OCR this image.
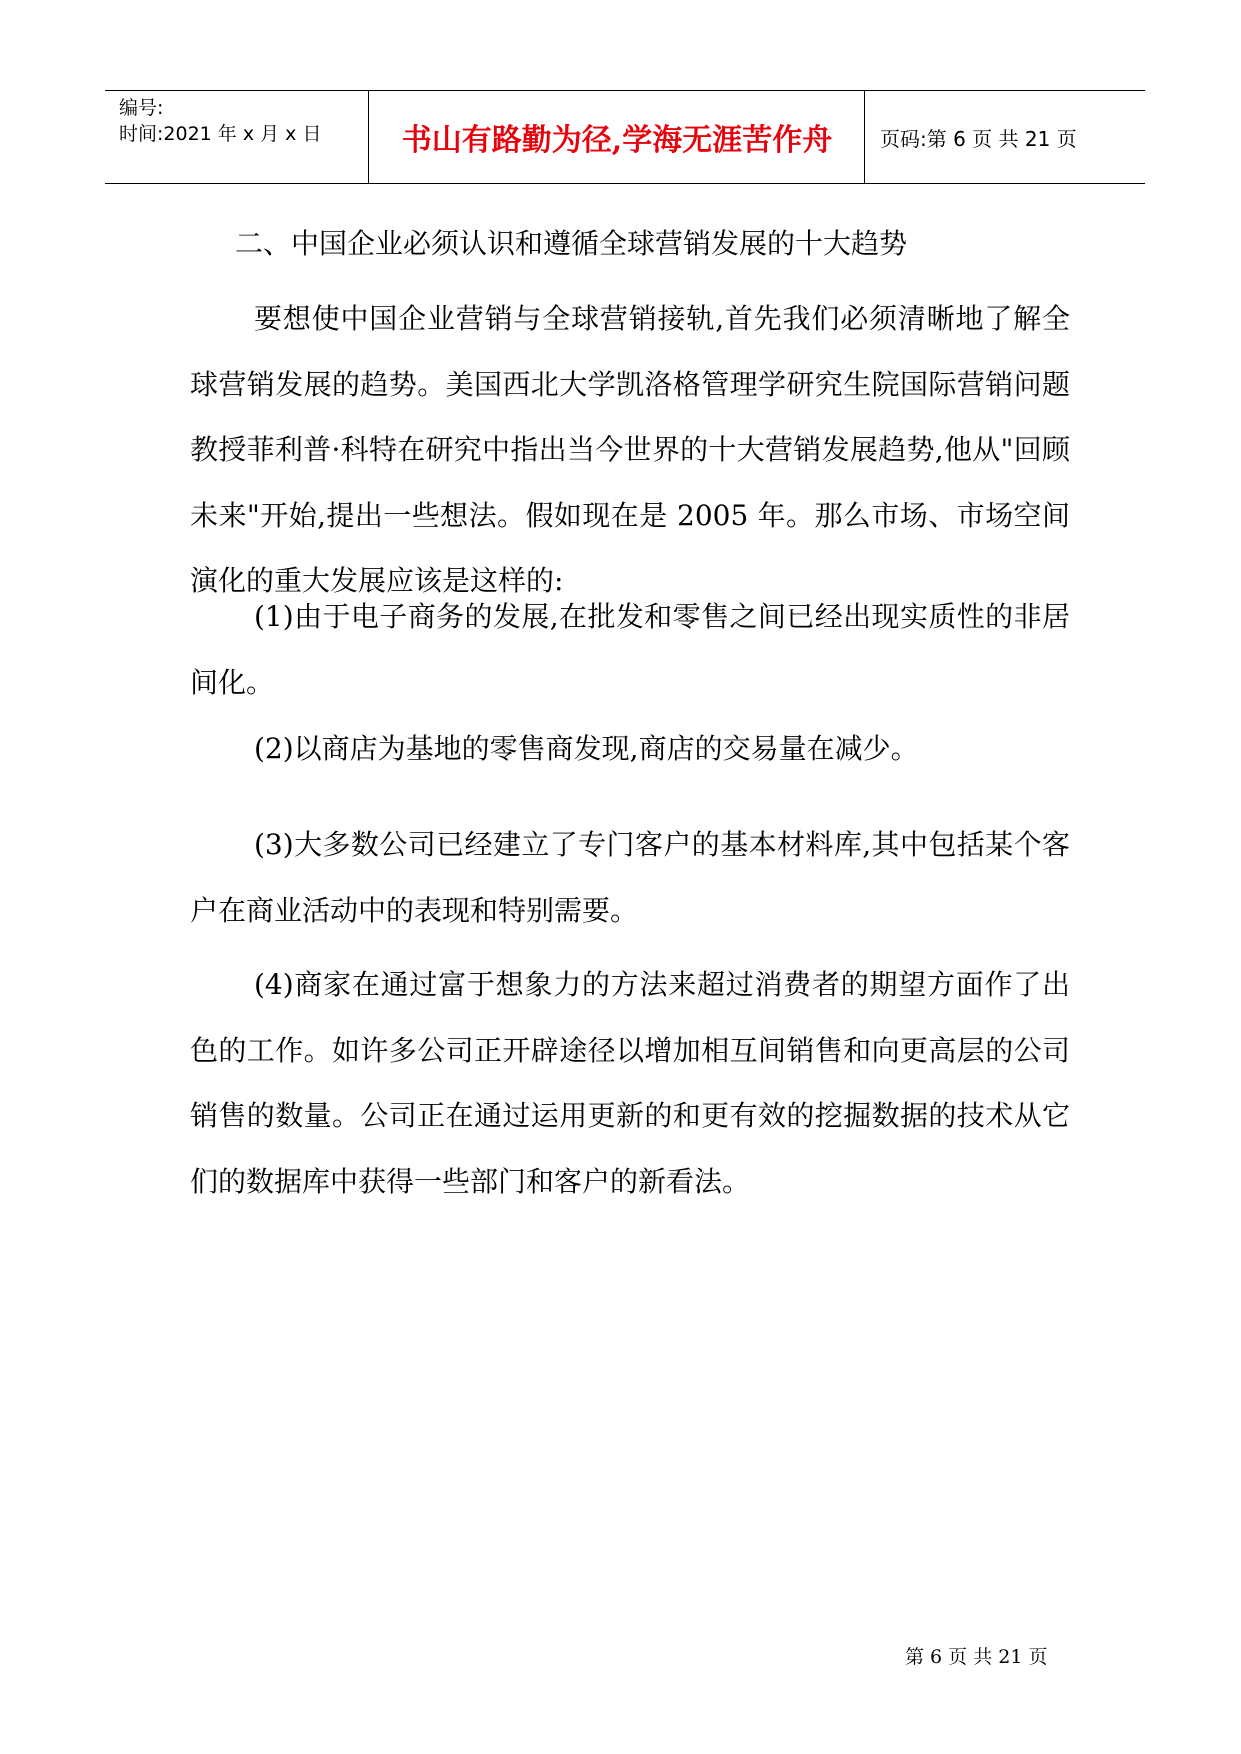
编号:
时间:2021 年 x 月 x 日	书山有路勤为径,学海无涯苦作舟	页码:第 6 页 共 21 页
二、中国企业必须认识和遵循全球营销发展的十大趋势

要想使中国企业营销与全球营销接轨,首先我们必须清晰地了解全球营销发展的趋势。美国西北大学凯洛格管理学研究生院国际营销问题教授菲利普·科特在研究中指出当今世界的十大营销发展趋势,他从"回顾未来"开始,提出一些想法。假如现在是 2005 年。那么市场、市场空间演化的重大发展应该是这样的:

(1)由于电子商务的发展,在批发和零售之间已经出现实质性的非居间化。

(2)以商店为基地的零售商发现,商店的交易量在减少。

(3)大多数公司已经建立了专门客户的基本材料库,其中包括某个客户在商业活动中的表现和特别需要。

(4)商家在通过富于想象力的方法来超过消费者的期望方面作了出色的工作。如许多公司正开辟途径以增加相互间销售和向更高层的公司销售的数量。公司正在通过运用更新的和更有效的挖掘数据的技术从它们的数据库中获得一些部门和客户的新看法。

第 6 页 共 21 页
